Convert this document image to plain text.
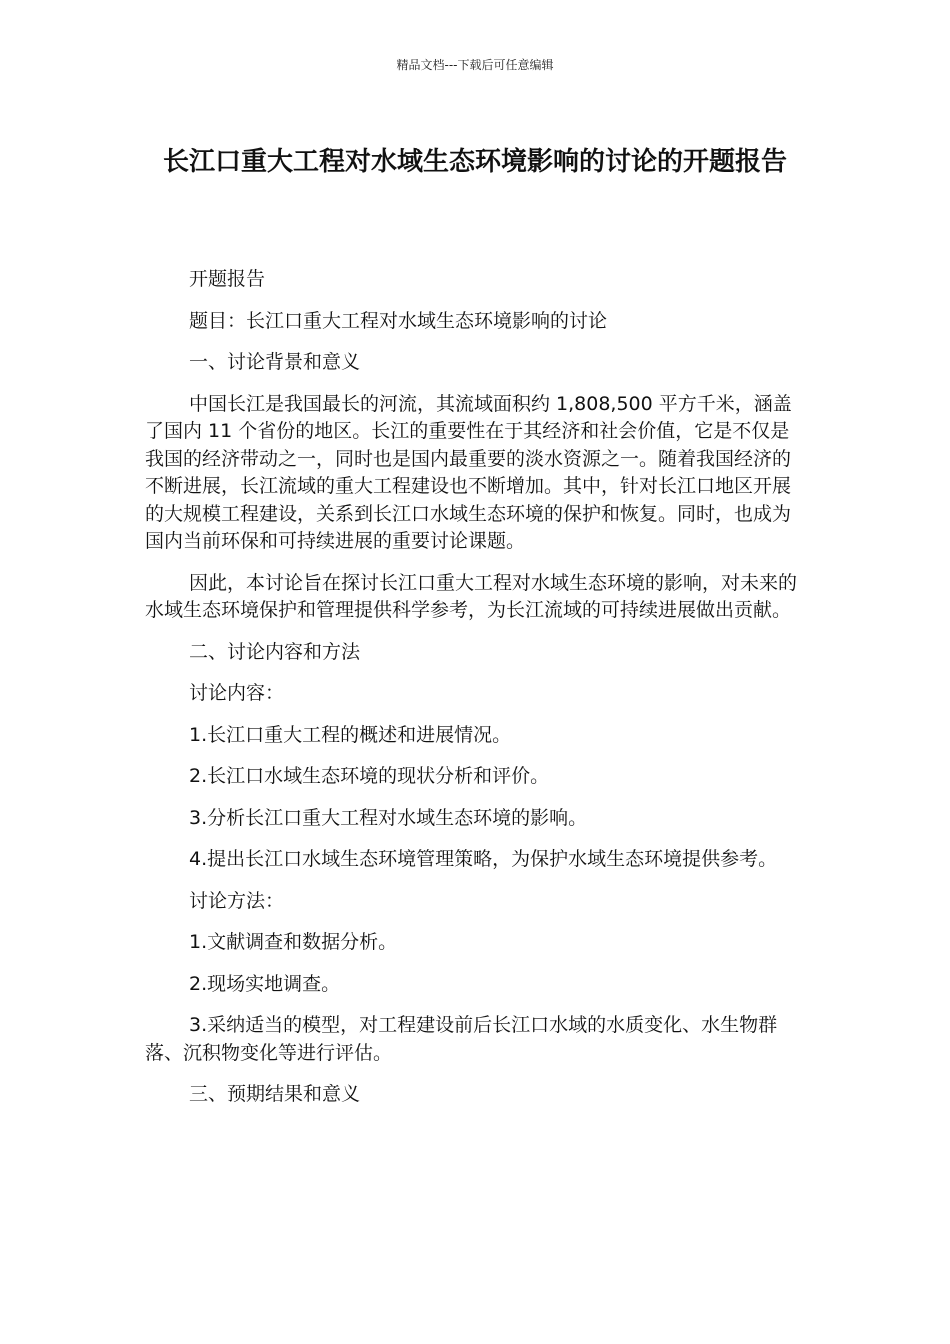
精品文档---下载后可任意编辑
长江口重大工程对水域生态环境影响的讨论的开题报告

开题报告

题目：长江口重大工程对水域生态环境影响的讨论

一、讨论背景和意义

中国长江是我国最长的河流，其流域面积约 1,808,500 平方千米，涵盖了国内 11 个省份的地区。长江的重要性在于其经济和社会价值，它是不仅是我国的经济带动之一，同时也是国内最重要的淡水资源之一。随着我国经济的不断进展，长江流域的重大工程建设也不断增加。其中，针对长江口地区开展的大规模工程建设，关系到长江口水域生态环境的保护和恢复。同时，也成为国内当前环保和可持续进展的重要讨论课题。

因此，本讨论旨在探讨长江口重大工程对水域生态环境的影响，对未来的水域生态环境保护和管理提供科学参考，为长江流域的可持续进展做出贡献。

二、讨论内容和方法

讨论内容：

1.长江口重大工程的概述和进展情况。

2.长江口水域生态环境的现状分析和评价。

3.分析长江口重大工程对水域生态环境的影响。

4.提出长江口水域生态环境管理策略，为保护水域生态环境提供参考。

讨论方法：

1.文献调查和数据分析。

2.现场实地调查。

3.采纳适当的模型，对工程建设前后长江口水域的水质变化、水生物群落、沉积物变化等进行评估。

三、预期结果和意义
